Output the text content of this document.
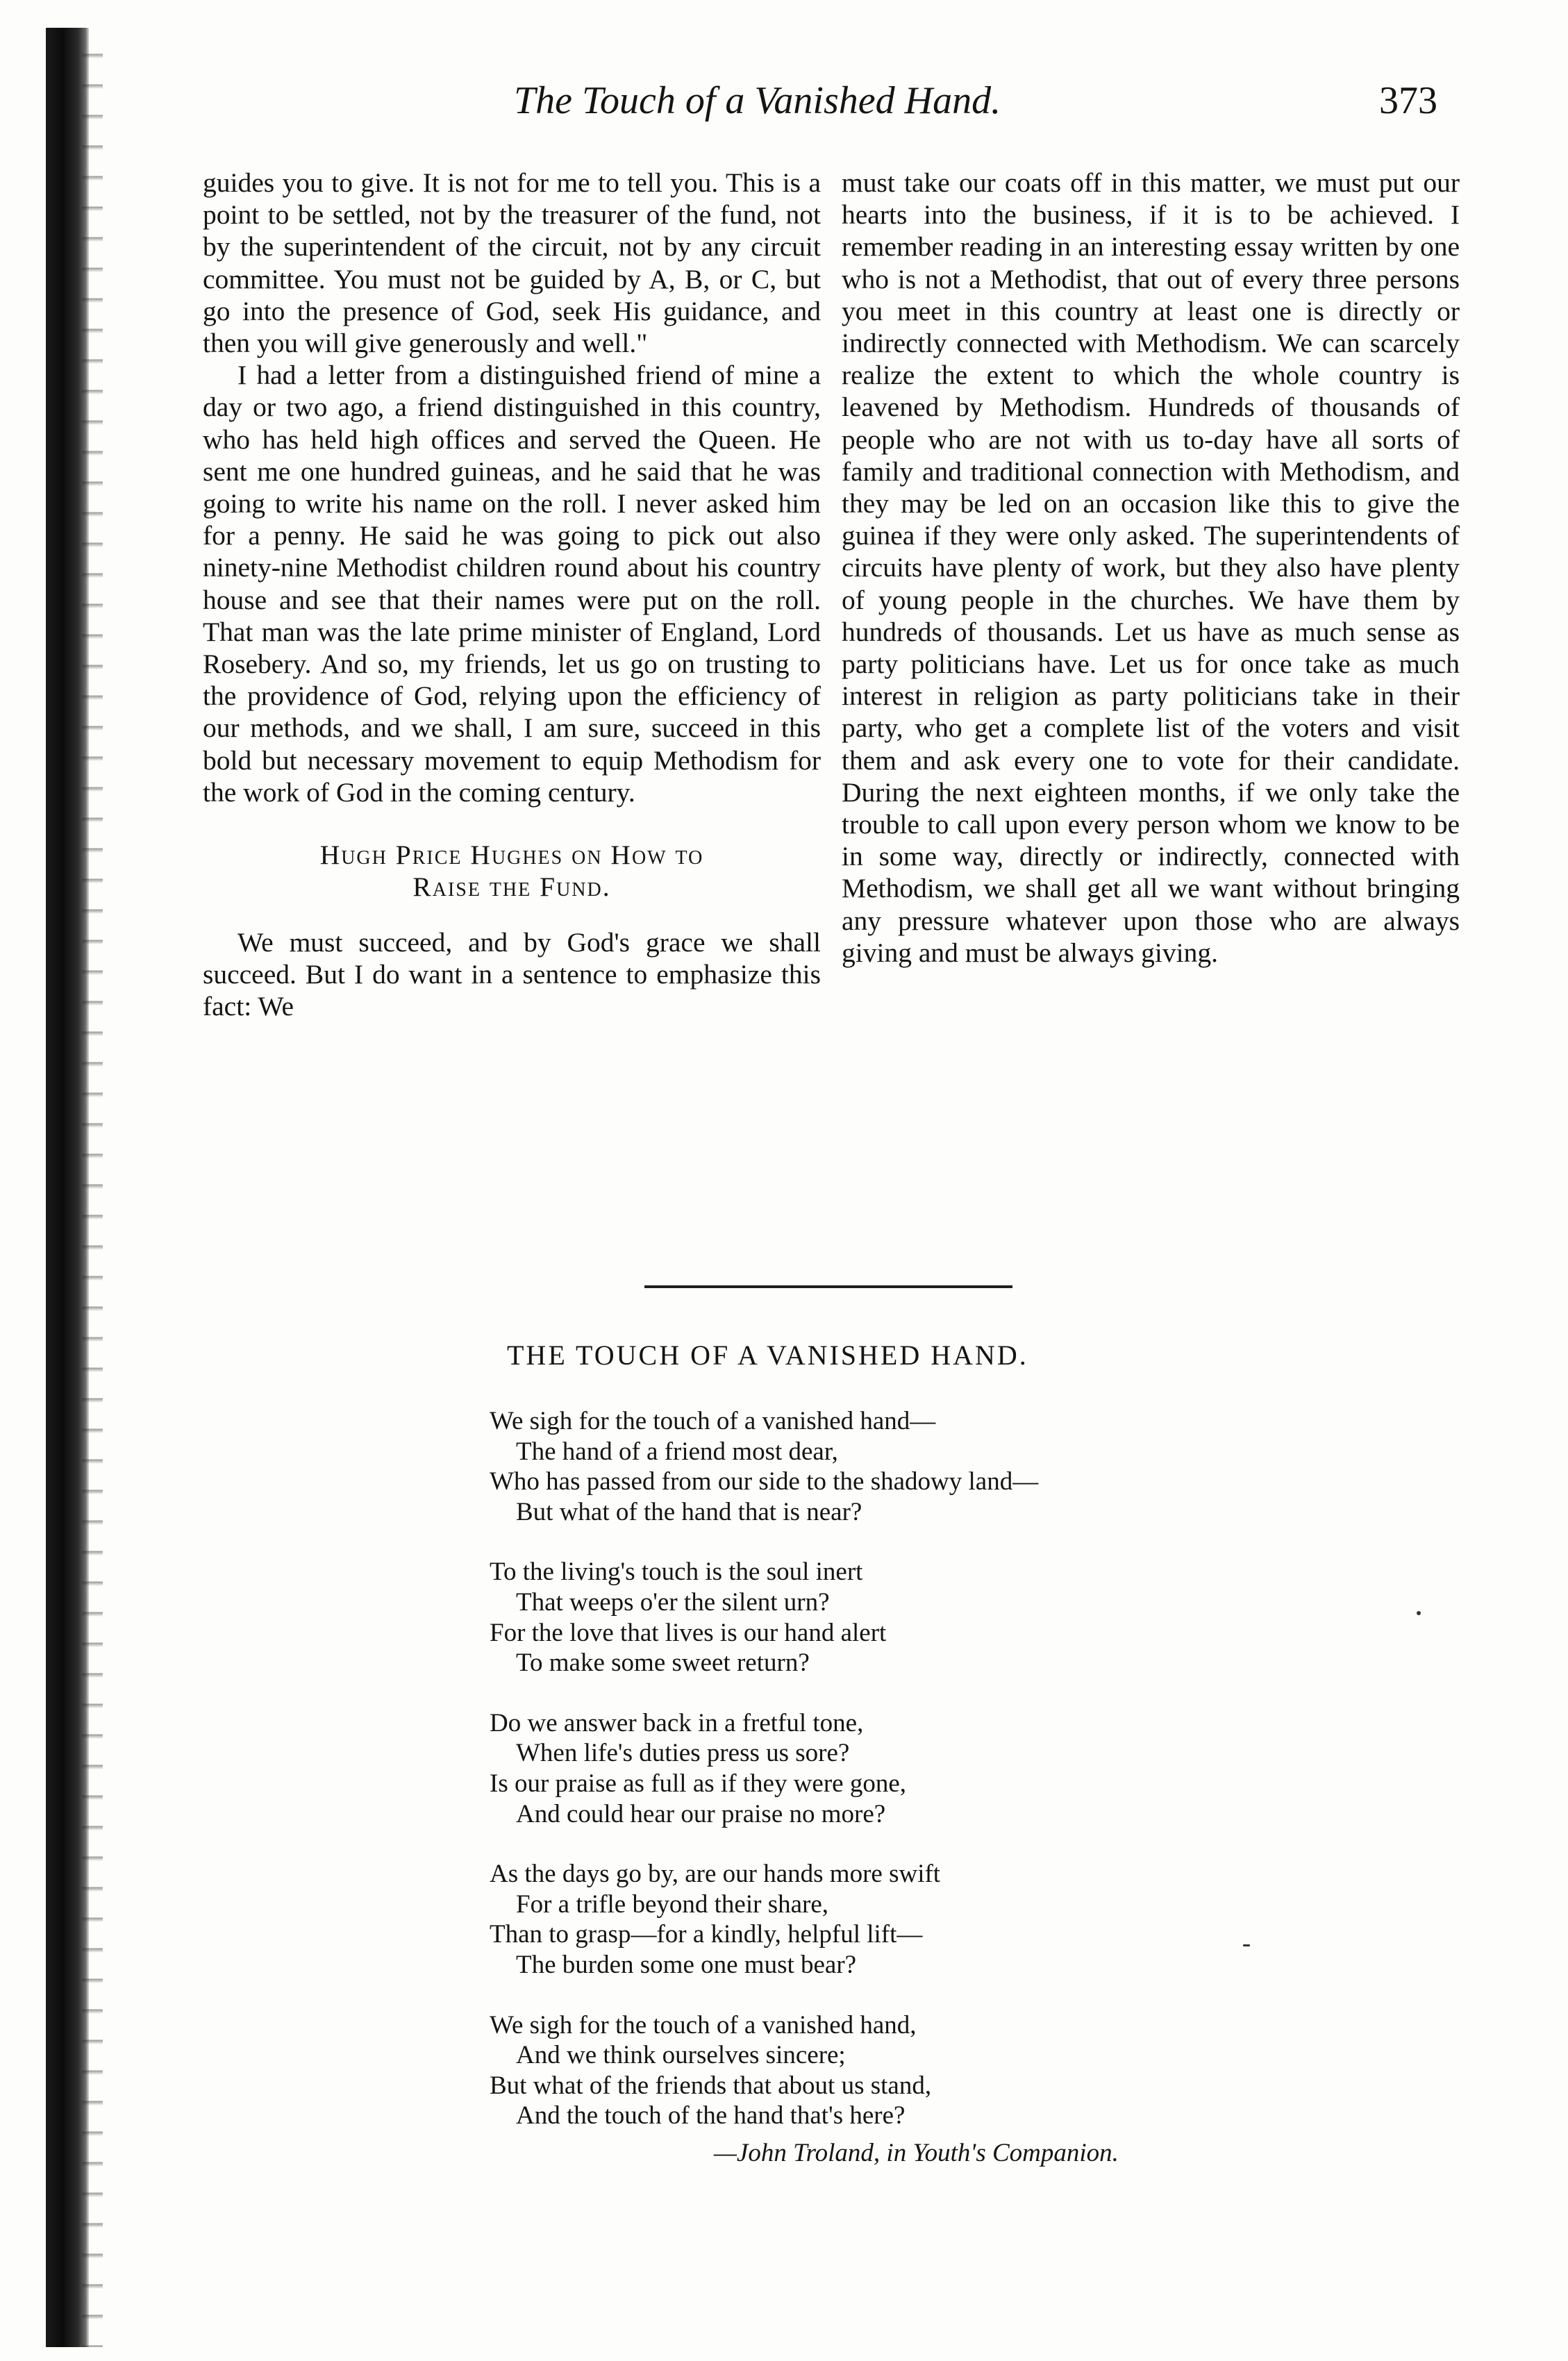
The Touch of a Vanished Hand.	373

guides you to give. It is not for me to tell you. This is a point to be settled, not by the treasurer of the fund, not by the superintendent of the circuit, not by any circuit committee. You must not be guided by A, B, or C, but go into the presence of God, seek His guidance, and then you will give generously and well."

I had a letter from a distinguished friend of mine a day or two ago, a friend distinguished in this country, who has held high offices and served the Queen. He sent me one hundred guineas, and he said that he was going to write his name on the roll. I never asked him for a penny. He said he was going to pick out also ninety-nine Methodist children round about his country house and see that their names were put on the roll. That man was the late prime minister of England, Lord Rosebery. And so, my friends, let us go on trusting to the providence of God, relying upon the efficiency of our methods, and we shall, I am sure, succeed in this bold but necessary movement to equip Methodism for the work of God in the coming century.

Hugh Price Hughes on How to
Raise the Fund.

We must succeed, and by God's grace we shall succeed. But I do want in a sentence to emphasize this fact: We

must take our coats off in this matter, we must put our hearts into the business, if it is to be achieved. I remember reading in an interesting essay written by one who is not a Methodist, that out of every three persons you meet in this country at least one is directly or indirectly connected with Methodism. We can scarcely realize the extent to which the whole country is leavened by Methodism. Hundreds of thousands of people who are not with us to-day have all sorts of family and traditional connection with Methodism, and they may be led on an occasion like this to give the guinea if they were only asked. The superintendents of circuits have plenty of work, but they also have plenty of young people in the churches. We have them by hundreds of thousands. Let us have as much sense as party politicians have. Let us for once take as much interest in religion as party politicians take in their party, who get a complete list of the voters and visit them and ask every one to vote for their candidate. During the next eighteen months, if we only take the trouble to call upon every person whom we know to be in some way, directly or indirectly, connected with Methodism, we shall get all we want without bringing any pressure whatever upon those who are always giving and must be always giving.

THE TOUCH OF A VANISHED HAND.
We sigh for the touch of a vanished hand—
The hand of a friend most dear,
Who has passed from our side to the shadowy land—
But what of the hand that is near?
To the living's touch is the soul inert
That weeps o'er the silent urn?
For the love that lives is our hand alert
To make some sweet return?
Do we answer back in a fretful tone,
When life's duties press us sore?
Is our praise as full as if they were gone,
And could hear our praise no more?
As the days go by, are our hands more swift
For a trifle beyond their share,
Than to grasp—for a kindly, helpful lift—
The burden some one must bear?
We sigh for the touch of a vanished hand,
And we think ourselves sincere;
But what of the friends that about us stand,
And the touch of the hand that's here?
—John Troland, in Youth's Companion.
